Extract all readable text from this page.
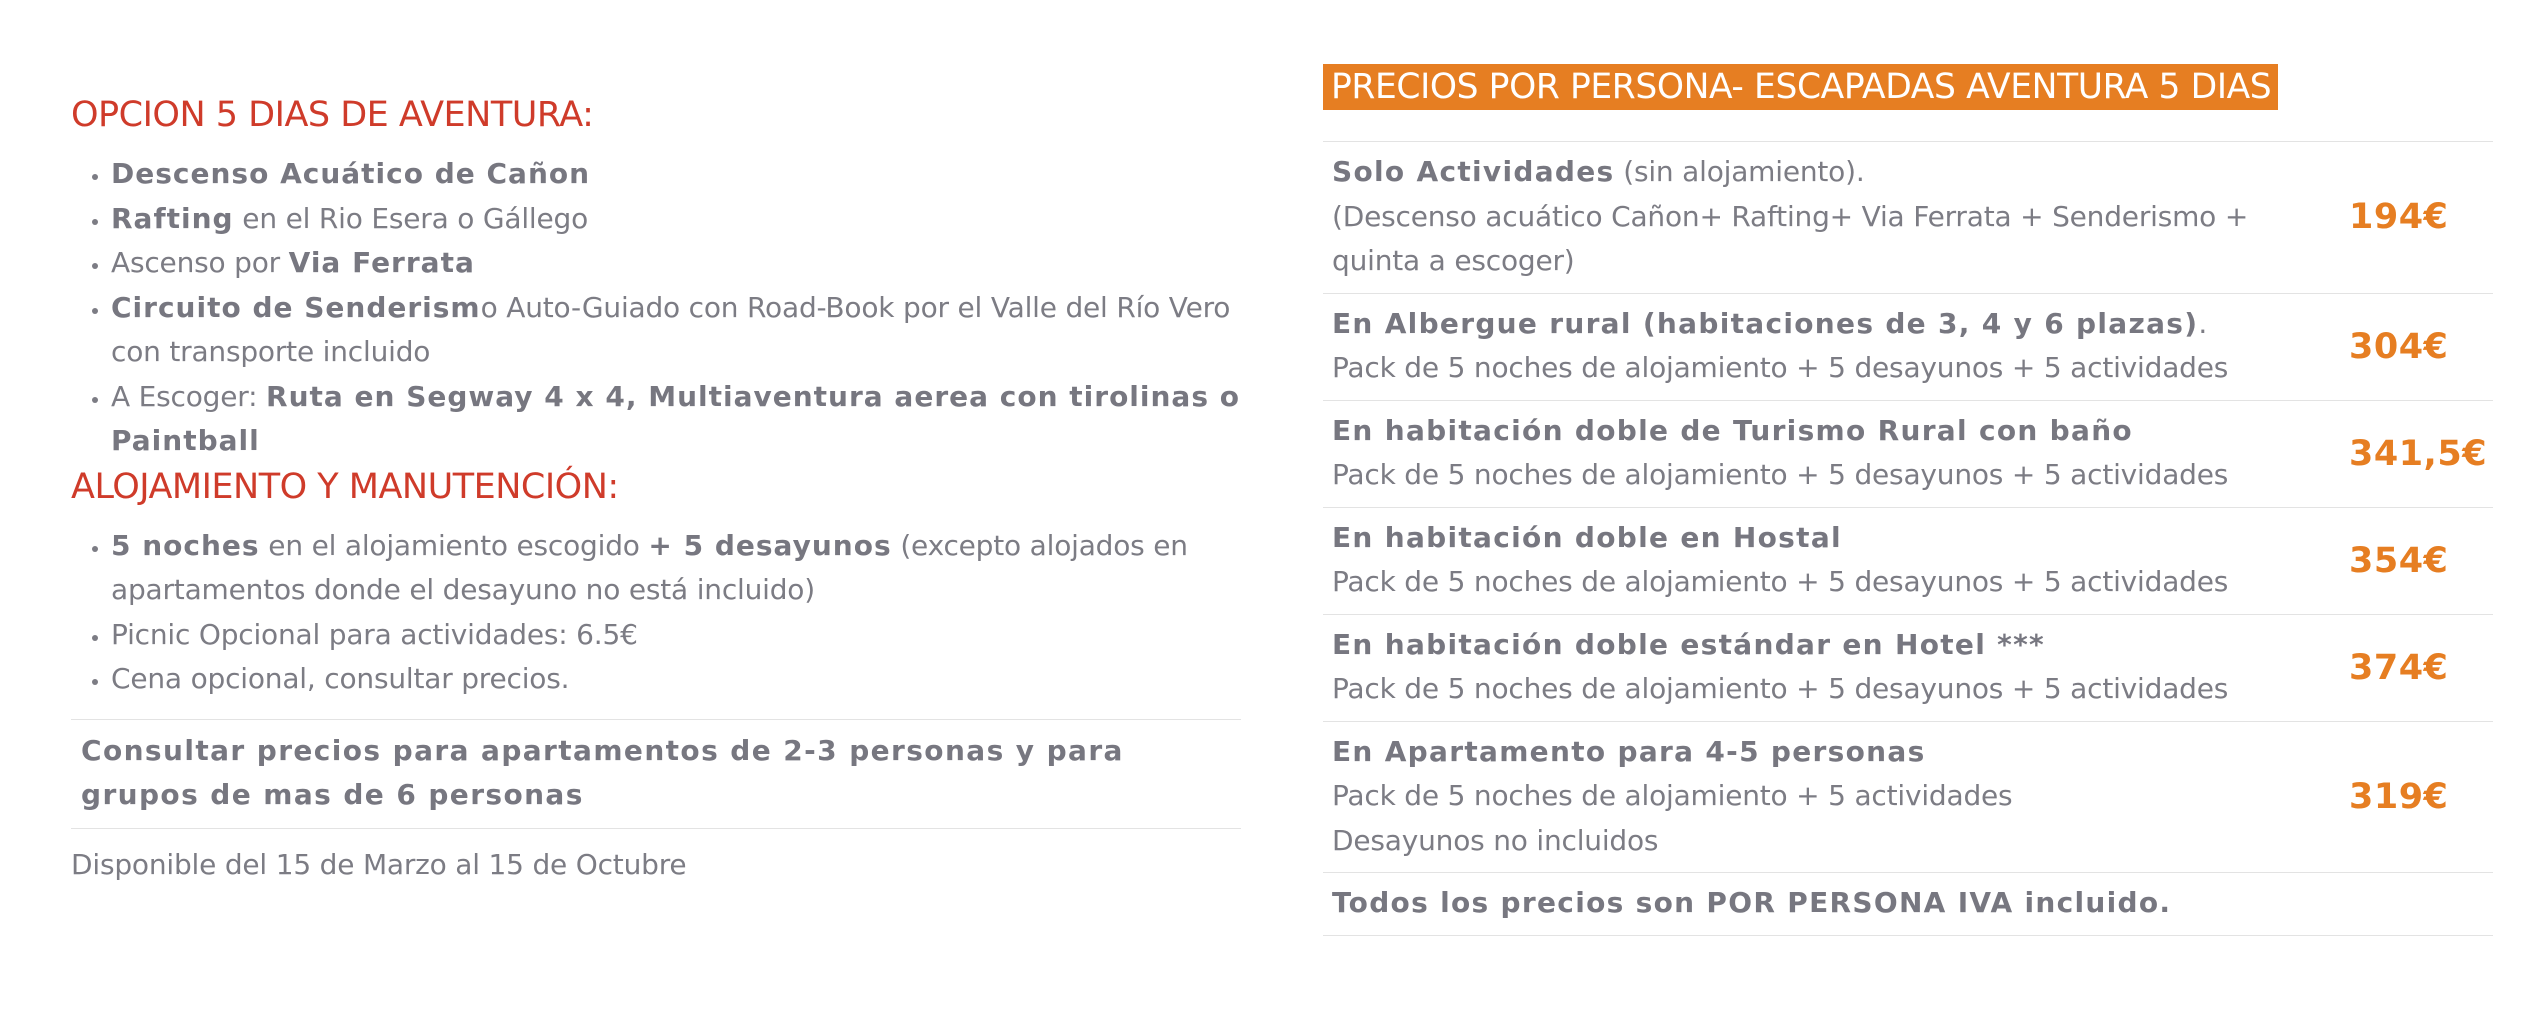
OPCION 5 DIAS DE AVENTURA:
• Descenso Acuático de Cañon
• Rafting en el Rio Esera o Gállego
• Ascenso por Via Ferrata
• Circuito de Senderismo Auto-Guiado con Road-Book por el Valle del Río Vero con transporte incluido
• A Escoger: Ruta en Segway 4 x 4, Multiaventura aerea con tirolinas o Paintball
ALOJAMIENTO Y MANUTENCIÓN:
• 5 noches en el alojamiento escogido + 5 desayunos (excepto alojados en apartamentos donde el desayuno no está incluido)
• Picnic Opcional para actividades: 6.5€
• Cena opcional, consultar precios.
Consultar precios para apartamentos de 2-3 personas y para grupos de mas de 6 personas
Disponible del 15 de Marzo al 15 de Octubre
PRECIOS POR PERSONA- ESCAPADAS AVENTURA 5 DIAS
Solo Actividades (sin alojamiento).
(Descenso acuático Cañon+ Rafting+ Via Ferrata + Senderismo + quinta a escoger)	194€
En Albergue rural (habitaciones de 3, 4 y 6 plazas).
Pack de 5 noches de alojamiento + 5 desayunos + 5 actividades	304€
En habitación doble de Turismo Rural con baño
Pack de 5 noches de alojamiento + 5 desayunos + 5 actividades	341,5€
En habitación doble en Hostal
Pack de 5 noches de alojamiento + 5 desayunos + 5 actividades	354€
En habitación doble estándar en Hotel ***
Pack de 5 noches de alojamiento + 5 desayunos + 5 actividades	374€
En Apartamento para 4-5 personas
Pack de 5 noches de alojamiento + 5 actividades
Desayunos no incluidos	319€
Todos los precios son POR PERSONA IVA incluido.	
